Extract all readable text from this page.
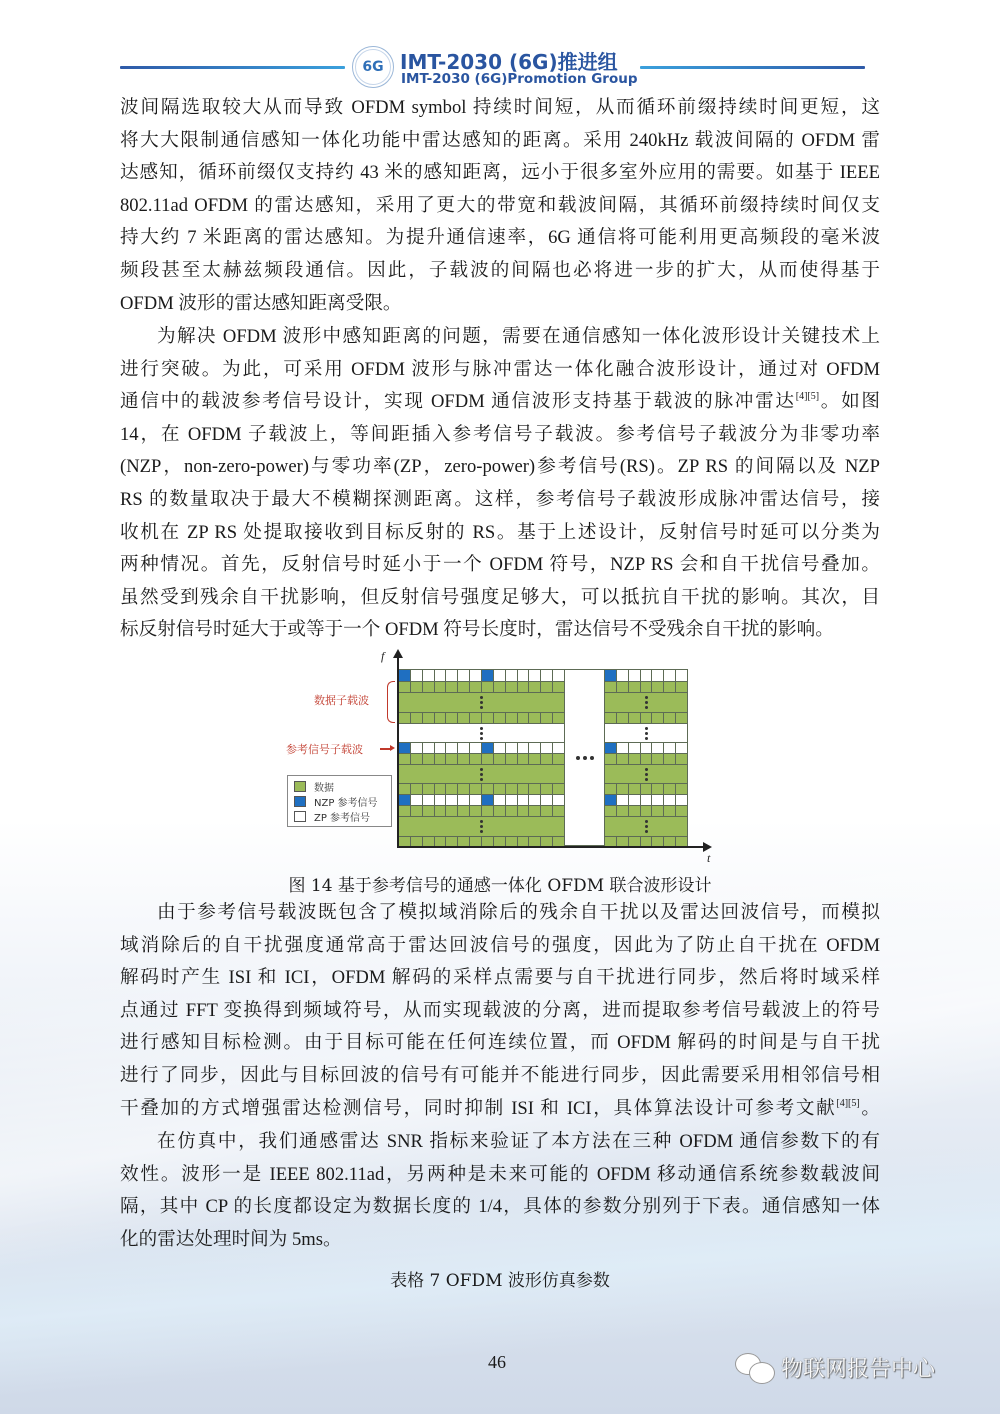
6G IMT-2030 (6G)推进组
IMT-2030 (6G)Promotion Group
波间隔选取较大从而导致 OFDM symbol 持续时间短，从而循环前缀持续时间更短，这
将大大限制通信感知一体化功能中雷达感知的距离。采用 240kHz 载波间隔的 OFDM 雷
达感知，循环前缀仅支持约 43 米的感知距离，远小于很多室外应用的需要。如基于 IEEE
802.11ad OFDM 的雷达感知，采用了更大的带宽和载波间隔，其循环前缀持续时间仅支
持大约 7 米距离的雷达感知。为提升通信速率，6G 通信将可能利用更高频段的毫米波
频段甚至太赫兹频段通信。因此，子载波的间隔也必将进一步的扩大，从而使得基于
OFDM 波形的雷达感知距离受限。
为解决 OFDM 波形中感知距离的问题，需要在通信感知一体化波形设计关键技术上
进行突破。为此，可采用 OFDM 波形与脉冲雷达一体化融合波形设计，通过对 OFDM
通信中的载波参考信号设计，实现 OFDM 通信波形支持基于载波的脉冲雷达[4][5]。如图
14，在 OFDM 子载波上，等间距插入参考信号子载波。参考信号子载波分为非零功率
(NZP，non-zero-power)与零功率(ZP，zero-power)参考信号(RS)。ZP RS 的间隔以及 NZP
RS 的数量取决于最大不模糊探测距离。这样，参考信号子载波形成脉冲雷达信号，接
收机在 ZP RS 处提取接收到目标反射的 RS。基于上述设计，反射信号时延可以分类为
两种情况。首先，反射信号时延小于一个 OFDM 符号，NZP RS 会和自干扰信号叠加。
虽然受到残余自干扰影响，但反射信号强度足够大，可以抵抗自干扰的影响。其次，目
标反射信号时延大于或等于一个 OFDM 符号长度时，雷达信号不受残余自干扰的影响。
f
t
数据子载波
参考信号子载波
数据
NZP 参考信号
ZP 参考信号
图 14 基于参考信号的通感一体化 OFDM 联合波形设计
由于参考信号载波既包含了模拟域消除后的残余自干扰以及雷达回波信号，而模拟
域消除后的自干扰强度通常高于雷达回波信号的强度，因此为了防止自干扰在 OFDM
解码时产生 ISI 和 ICI，OFDM 解码的采样点需要与自干扰进行同步，然后将时域采样
点通过 FFT 变换得到频域符号，从而实现载波的分离，进而提取参考信号载波上的符号
进行感知目标检测。由于目标可能在任何连续位置，而 OFDM 解码的时间是与自干扰
进行了同步，因此与目标回波的信号有可能并不能进行同步，因此需要采用相邻信号相
干叠加的方式增强雷达检测信号，同时抑制 ISI 和 ICI，具体算法设计可参考文献[4][5]。
在仿真中，我们通感雷达 SNR 指标来验证了本方法在三种 OFDM 通信参数下的有
效性。波形一是 IEEE 802.11ad，另两种是未来可能的 OFDM 移动通信系统参数载波间
隔，其中 CP 的长度都设定为数据长度的 1/4，具体的参数分别列于下表。通信感知一体
化的雷达处理时间为 5ms。
表格 7 OFDM 波形仿真参数
46	物联网报告中心
